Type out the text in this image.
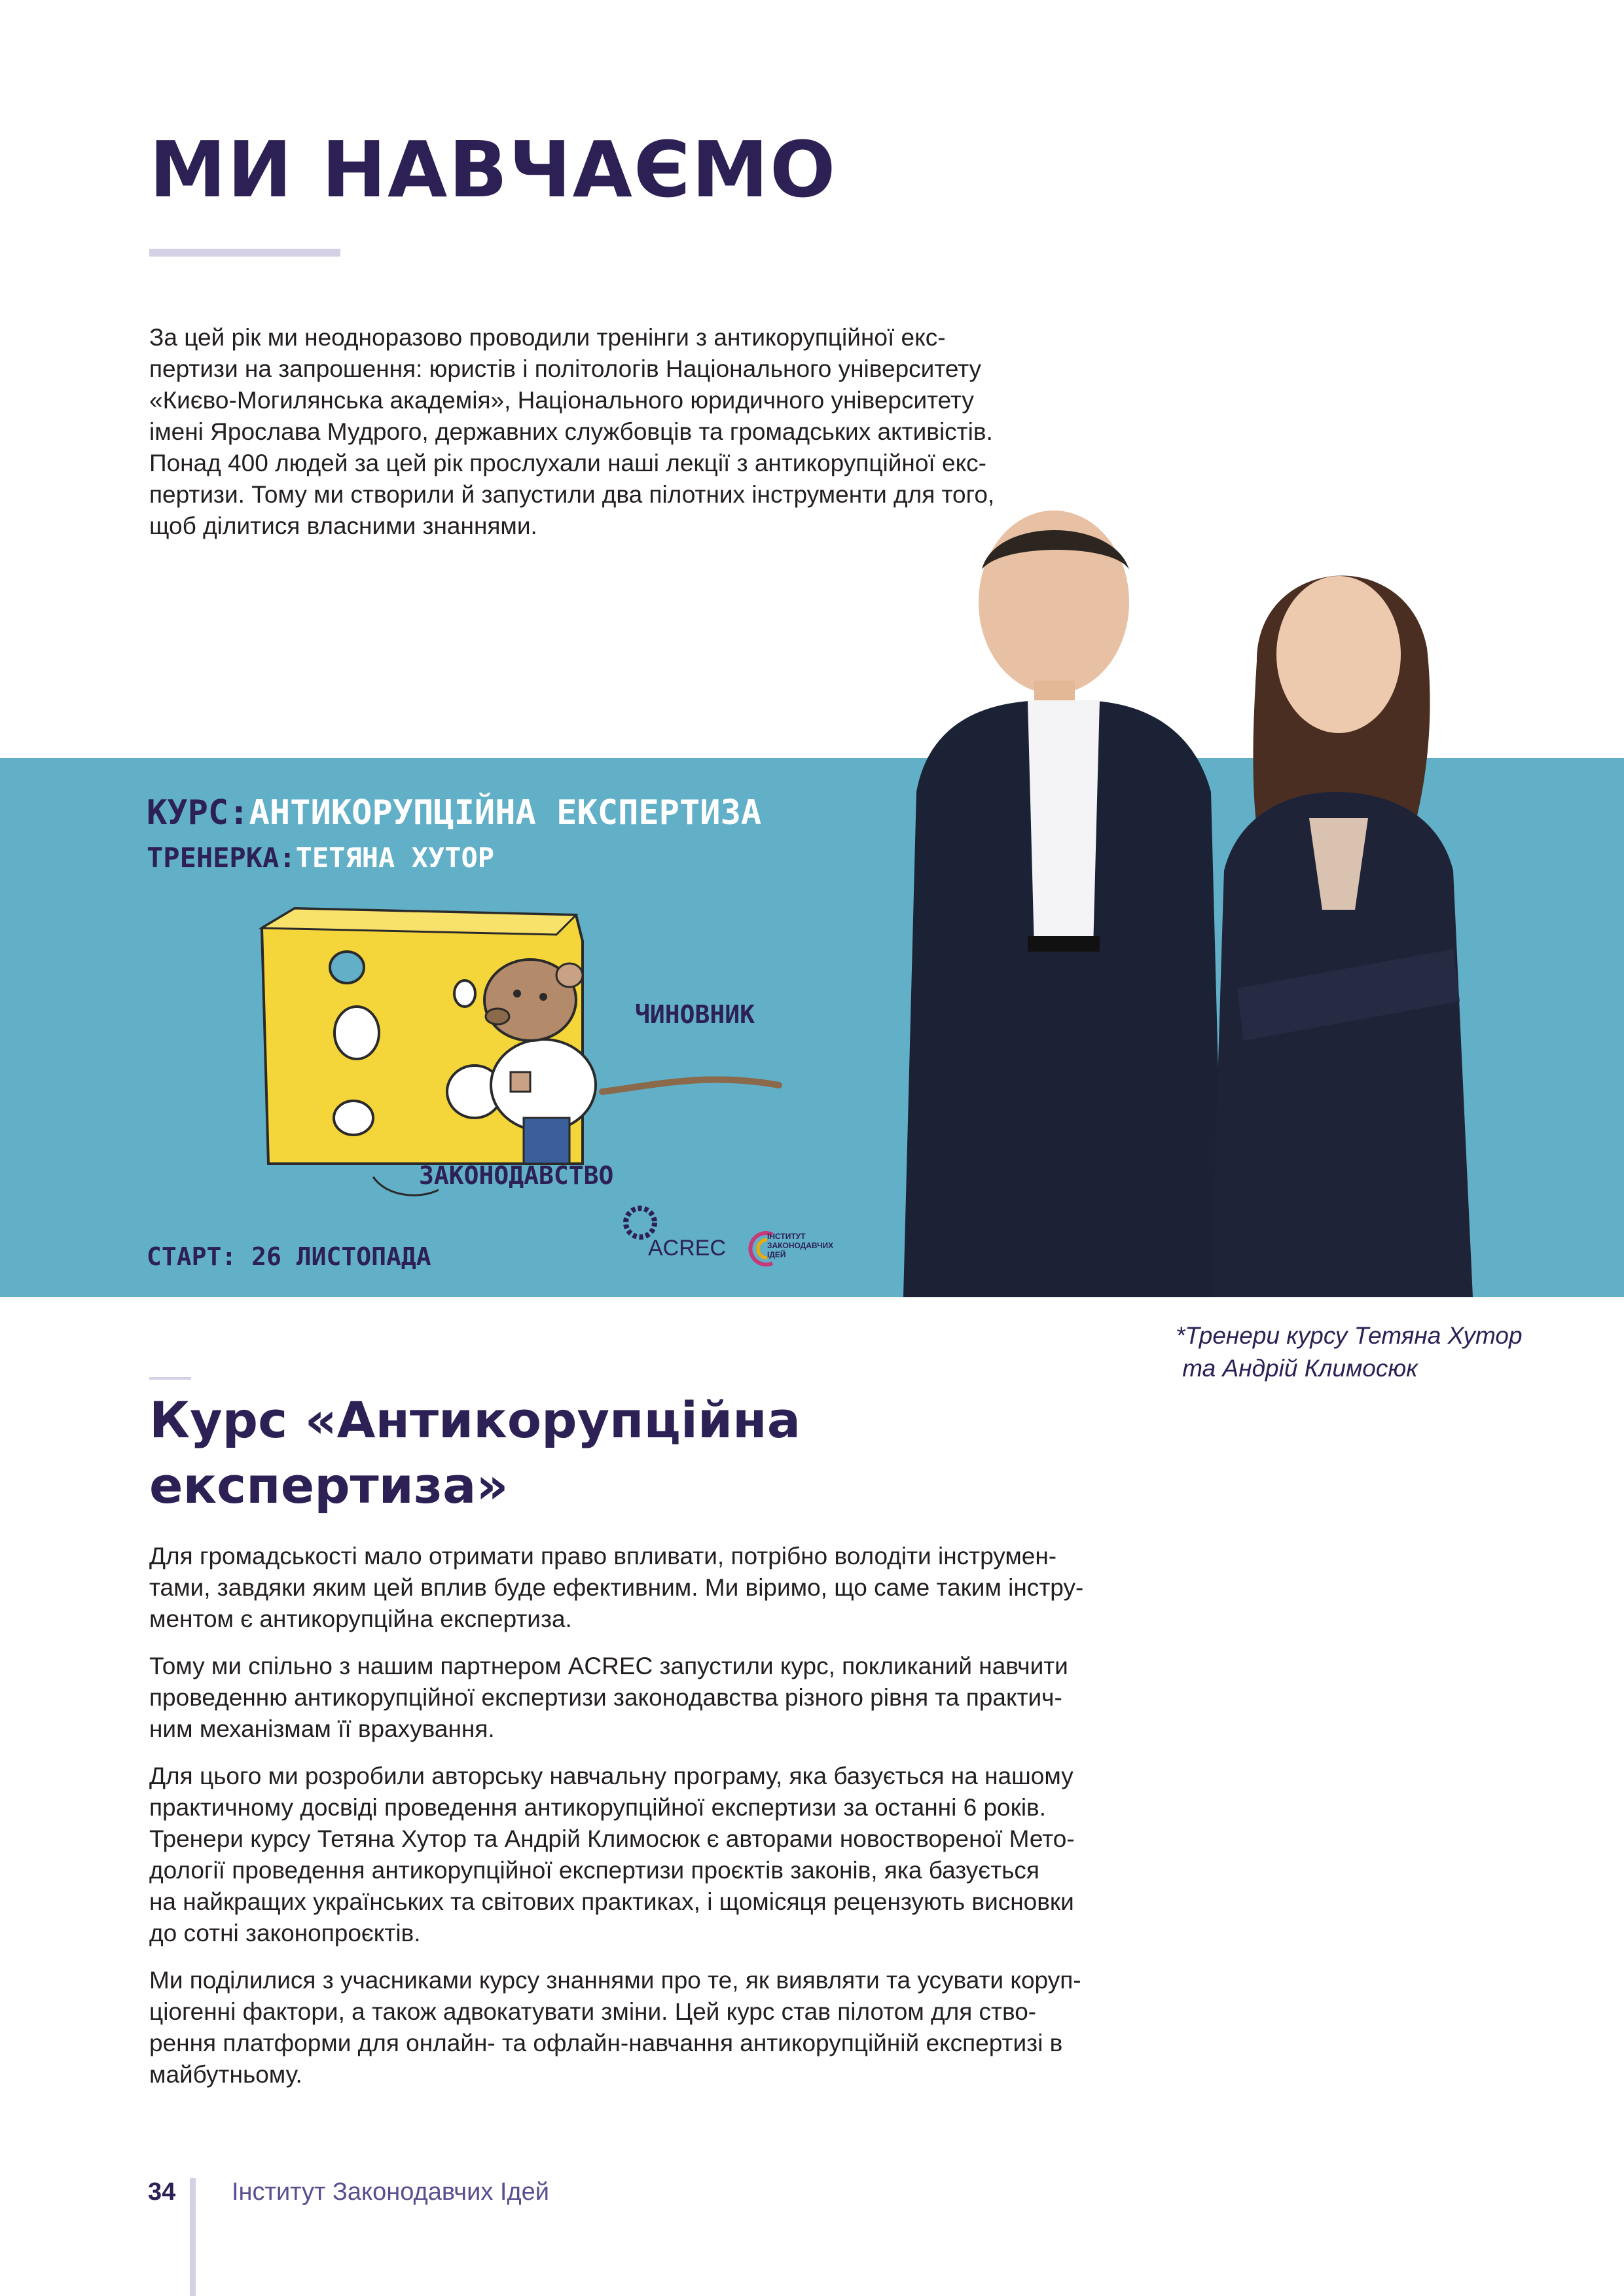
МИ НАВЧАЄМО
За цей рік ми неодноразово проводили тренінги з антикорупційної екс-
пертизи на запрошення: юристів і політологів Національного університету
«Києво-Могилянська академія», Національного юридичного університету
імені Ярослава Мудрого, державних службовців та громадських активістів.
Понад 400 людей за цей рік прослухали наші лекції з антикорупційної екс-
пертизи. Тому ми створили й запустили два пілотних інструменти для того,
щоб ділитися власними знаннями.
КУРС:АНТИКОРУПЦІЙНА ЕКСПЕРТИЗА
ТРЕНЕРКА:ТЕТЯНА ХУТОР
ЧИНОВНИК
ЗАКОНОДАВСТВО
СТАРТ: 26 ЛИСТОПАДА	ACREC	ІНСТИТУТ ЗАКОНОДАВЧИХ ІДЕЙ
*Тренери курсу Тетяна Хутор
та Андрій Климосюк
Курс «Антикорупційна
експертиза»

Для громадськості мало отримати право впливати, потрібно володіти інструмен-
тами, завдяки яким цей вплив буде ефективним. Ми віримо, що саме таким інстру-
ментом є антикорупційна експертиза.

Тому ми спільно з нашим партнером ACREC запустили курс, покликаний навчити
проведенню антикорупційної експертизи законодавства різного рівня та практич-
ним механізмам її врахування.

Для цього ми розробили авторську навчальну програму, яка базується на нашому
практичному досвіді проведення антикорупційної експертизи за останні 6 років.
Тренери курсу Тетяна Хутор та Андрій Климосюк є авторами новоствореної Мето-
дології проведення антикорупційної експертизи проєктів законів, яка базується
на найкращих українських та світових практиках, і щомісяця рецензують висновки
до сотні законопроєктів.

Ми поділилися з учасниками курсу знаннями про те, як виявляти та усувати коруп-
ціогенні фактори, а також адвокатувати зміни. Цей курс став пілотом для ство-
рення платформи для онлайн- та офлайн-навчання антикорупційній експертизі в
майбутньому.

34 Інститут Законодавчих Ідей
